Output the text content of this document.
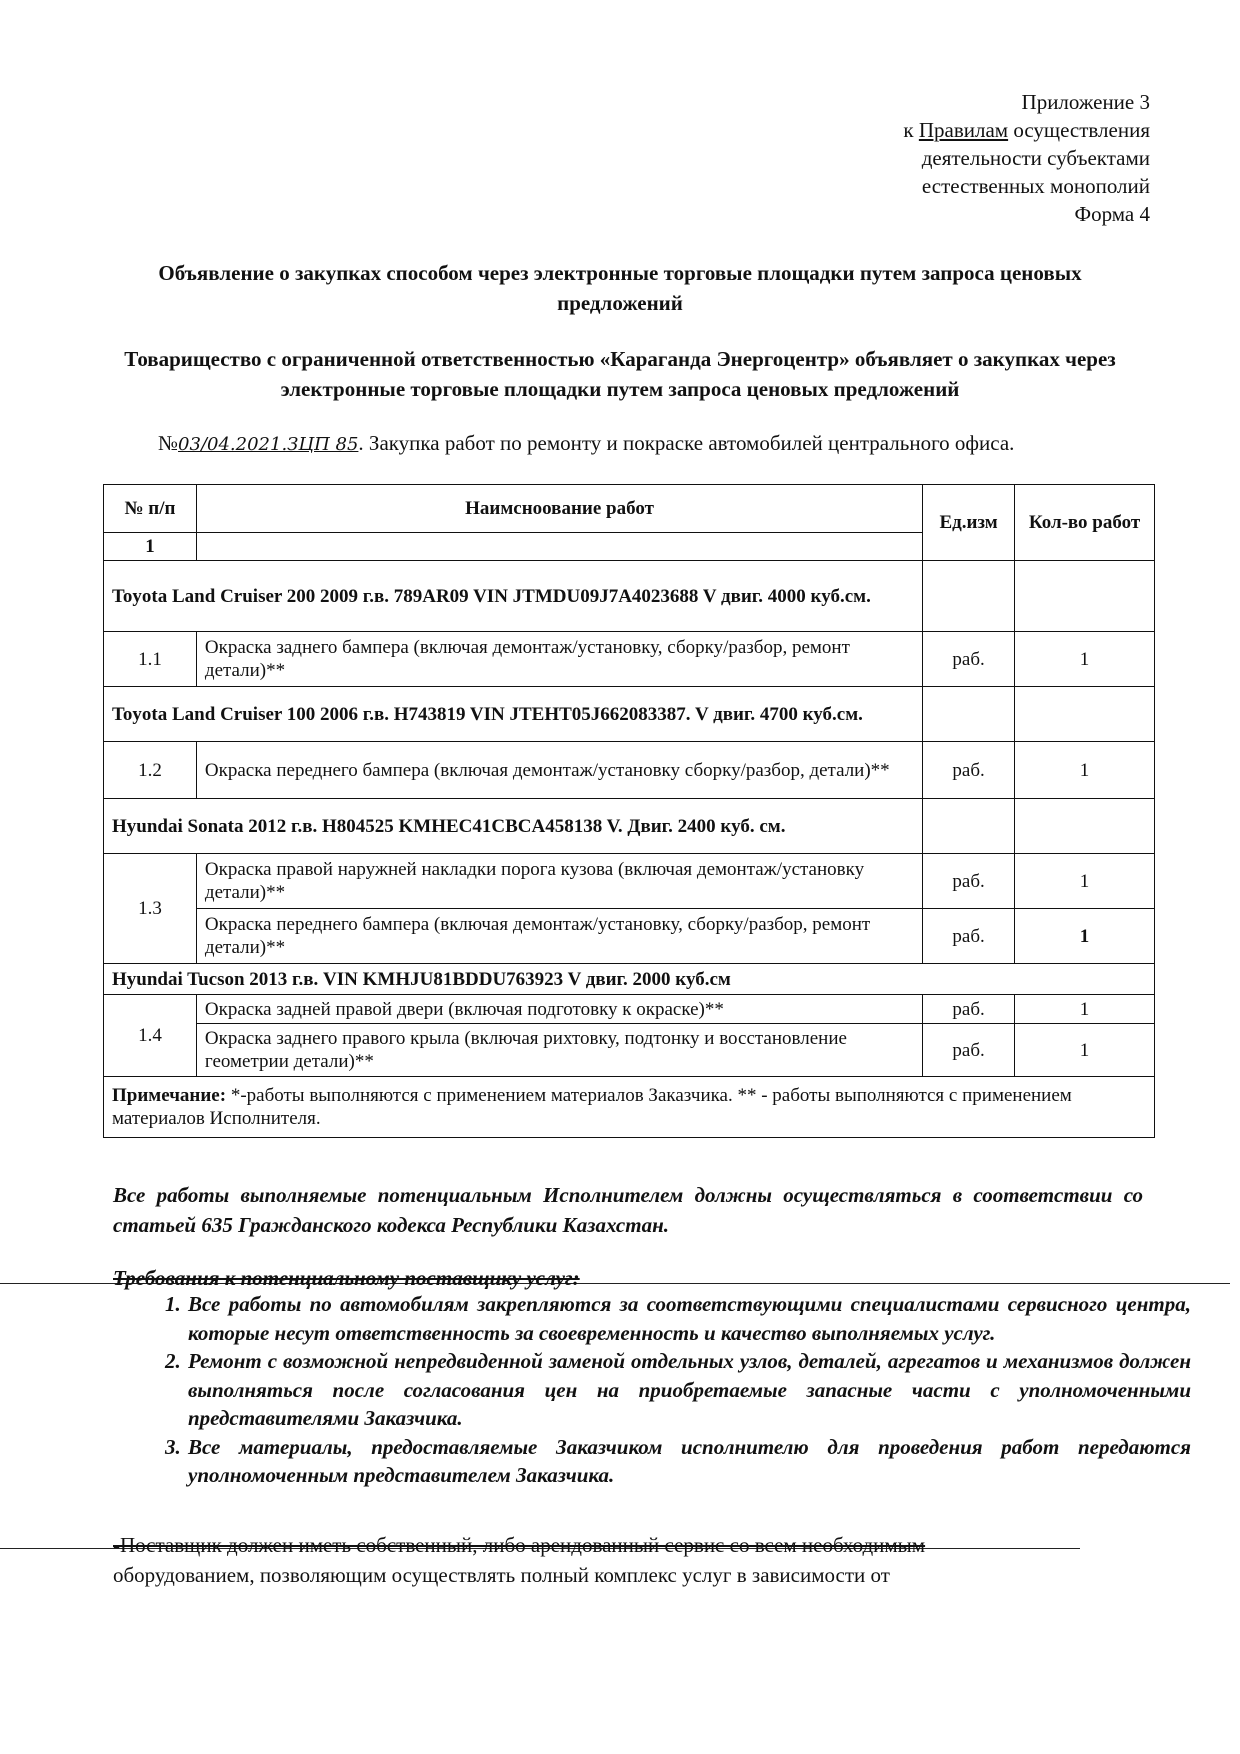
Приложение 3
к Правилам осуществления
деятельности субъектами
естественных монополий
Форма 4
Объявление о закупках способом через электронные торговые площадки путем запроса ценовых предложений
Товарищество с ограниченной ответственностью «Караганда Энергоцентр» объявляет о закупках через электронные торговые площадки путем запроса ценовых предложений
№03/04.2021.ЗЦП 85. Закупка работ по ремонту и покраске автомобилей центрального офиса.
№ п/п	Наимсноование работ	Ед.изм	Кол-во работ
1			
Toyota Land Cruiser 200 2009 г.в. 789AR09 VIN JTMDU09J7A4023688 V двиг. 4000 куб.см.			
1.1	Окраска заднего бампера (включая демонтаж/установку, сборку/разбор, ремонт детали)**	раб.	1
Toyota Land Cruiser 100 2006 г.в. H743819 VIN JTEHT05J662083387. V двиг. 4700 куб.см.			
1.2	Окраска переднего бампера (включая демонтаж/установку сборку/разбор, детали)**	раб.	1
Hyundai Sonata 2012 г.в. H804525 KMHEC41CBCA458138 V. Двиг. 2400 куб. см.			
1.3	Окраска правой наружней накладки порога кузова (включая демонтаж/установку детали)**	раб.	1
	Окраска переднего бампера (включая демонтаж/установку, сборку/разбор, ремонт детали)**	раб.	1
Hyundai Tucson 2013 г.в. VIN KMHJU81BDDU763923 V двиг. 2000 куб.см			
1.4	Окраска задней правой двери (включая подготовку к окраске)**	раб.	1
	Окраска заднего правого крыла (включая рихтовку, подтонку и восстановление геометрии детали)**	раб.	1
Примечание: *-работы выполняются с применением материалов Заказчика. ** - работы выполняются с применением материалов Исполнителя.			
Все работы выполняемые потенциальным Исполнителем должны осуществляться в соответствии со статьей 635 Гражданского кодекса Республики Казахстан.
Требования к потенциальному поставщику услуг:
1. Все работы по автомобилям закрепляются за соответствующими специалистами сервисного центра, которые несут ответственность за своевременность и качество выполняемых услуг.
2. Ремонт с возможной непредвиденной заменой отдельных узлов, деталей, агрегатов и механизмов должен выполняться после согласования цен на приобретаемые запасные части с уполномоченными представителями Заказчика.
3. Все материалы, предоставляемые Заказчиком исполнителю для проведения работ передаются уполномоченным представителем Заказчика.
-Поставщик должен иметь собственный, либо арендованный сервис со всем необходимым
оборудованием, позволяющим осуществлять полный комплекс услуг в зависимости от
